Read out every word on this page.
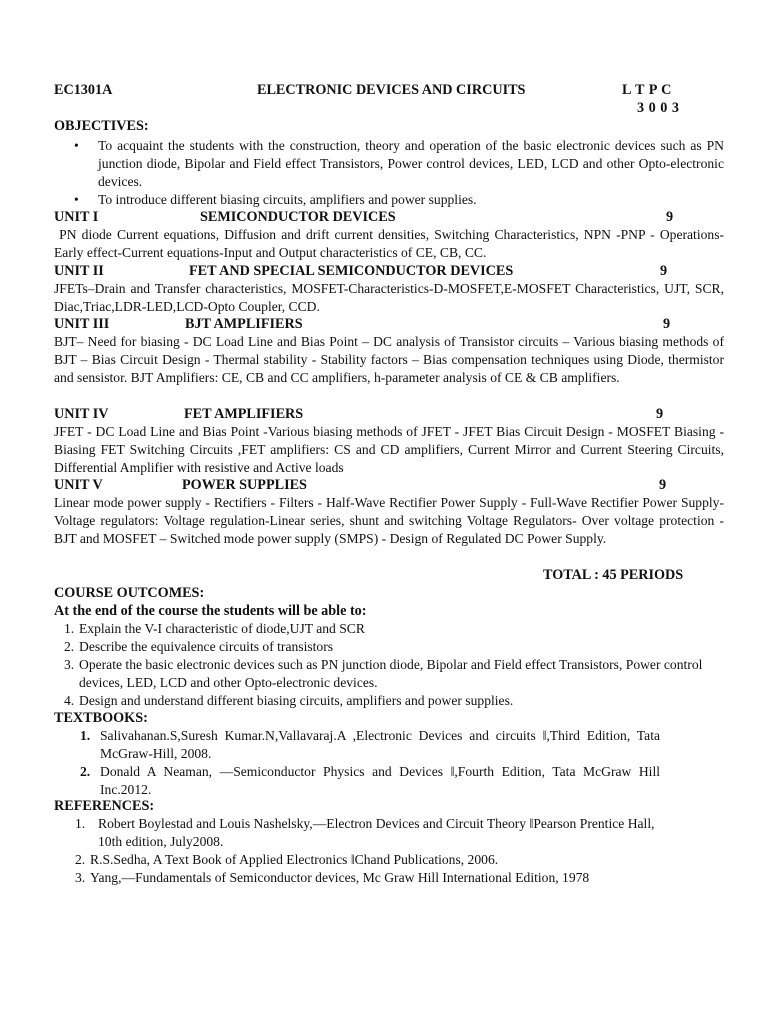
EC1301A	ELECTRONIC DEVICES AND CIRCUITS	L T P C
3 0 0 3
OBJECTIVES:
• To acquaint the students with the construction, theory and operation of the basic electronic devices such as PN junction diode, Bipolar and Field effect Transistors, Power control devices, LED, LCD and other Opto-electronic devices.
• To introduce different biasing circuits, amplifiers and power supplies.
UNIT I	SEMICONDUCTOR DEVICES	9
PN diode Current equations, Diffusion and drift current densities, Switching Characteristics, NPN -PNP - Operations-Early effect-Current equations-Input and Output characteristics of CE, CB, CC.
UNIT II	FET AND SPECIAL SEMICONDUCTOR DEVICES	9
JFETs–Drain and Transfer characteristics, MOSFET-Characteristics-D-MOSFET,E-MOSFET Characteristics, UJT, SCR, Diac,Triac,LDR-LED,LCD-Opto Coupler, CCD.
UNIT III	BJT AMPLIFIERS	9
BJT– Need for biasing - DC Load Line and Bias Point – DC analysis of Transistor circuits – Various biasing methods of BJT – Bias Circuit Design - Thermal stability - Stability factors – Bias compensation techniques using Diode, thermistor and sensistor. BJT Amplifiers: CE, CB and CC amplifiers, h-parameter analysis of CE & CB amplifiers.
UNIT IV	FET AMPLIFIERS	9
JFET - DC Load Line and Bias Point -Various biasing methods of JFET - JFET Bias Circuit Design - MOSFET Biasing - Biasing FET Switching Circuits ,FET amplifiers: CS and CD amplifiers, Current Mirror and Current Steering Circuits, Differential Amplifier with resistive and Active loads
UNIT V	POWER SUPPLIES	9
Linear mode power supply - Rectifiers - Filters - Half-Wave Rectifier Power Supply - Full-Wave Rectifier Power Supply-Voltage regulators: Voltage regulation-Linear series, shunt and switching Voltage Regulators- Over voltage protection - BJT and MOSFET – Switched mode power supply (SMPS) - Design of Regulated DC Power Supply.
TOTAL : 45 PERIODS
COURSE OUTCOMES:
At the end of the course the students will be able to:
1. Explain the V-I characteristic of diode,UJT and SCR
2. Describe the equivalence circuits of transistors
3. Operate the basic electronic devices such as PN junction diode, Bipolar and Field effect Transistors, Power control devices, LED, LCD and other Opto-electronic devices.
4. Design and understand different biasing circuits, amplifiers and power supplies.
TEXTBOOKS:
1. Salivahanan.S,Suresh Kumar.N,Vallavaraj.A ,Electronic Devices and circuits ‖,Third Edition, Tata McGraw-Hill, 2008.
2. Donald A Neaman, ―Semiconductor Physics and Devices ‖,Fourth Edition, Tata McGraw Hill Inc.2012.
REFERENCES:
1. Robert Boylestad and Louis Nashelsky,―Electron Devices and Circuit Theory ‖Pearson Prentice Hall, 10th edition, July2008.
2. R.S.Sedha, A Text Book of Applied Electronics ‖Chand Publications, 2006.
3. Yang,―Fundamentals of Semiconductor devices, Mc Graw Hill International Edition, 1978
